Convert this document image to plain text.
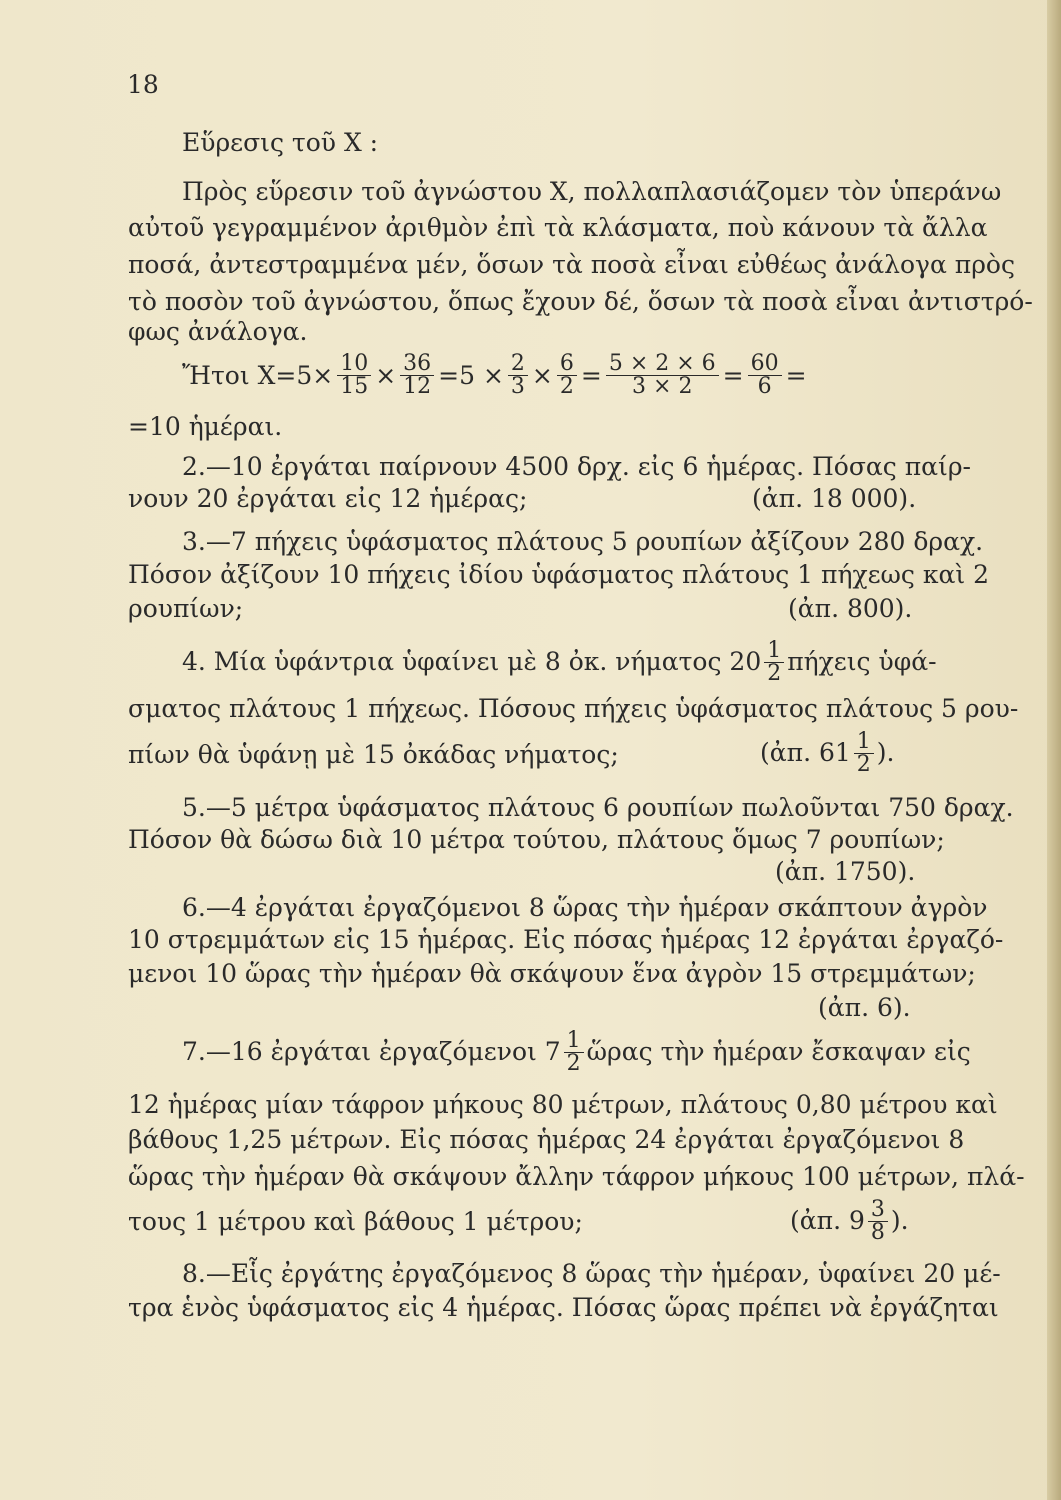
18
Εὕρεσις τοῦ Χ :
Πρὸς εὕρεσιν τοῦ ἀγνώστου Χ, πολλαπλασιάζομεν τὸν ὑπεράνω
αὐτοῦ γεγραμμένον ἀριθμὸν ἐπὶ τὰ κλάσματα, ποὺ κάνουν τὰ ἄλλα
ποσά, ἀντεστραμμένα μέν, ὅσων τὰ ποσὰ εἶναι εὐθέως ἀνάλογα πρὸς
τὸ ποσὸν τοῦ ἀγνώστου, ὅπως ἔχουν δέ, ὅσων τὰ ποσὰ εἶναι ἀντιστρό-
φως ἀνάλογα.
Ἤτοι $X=5\times \frac{10}{15} \times \frac{36}{12} =5 \times \frac{2}{3} \times \frac{6}{2} = \frac{5 \times 2 \times 6}{3 \times 2} = \frac{60}{6}$ =
=10 ἡμέραι.
2.—10 ἐργάται παίρνουν 4500 δρχ. εἰς 6 ἡμέρας. Πόσας παίρ-
νουν 20 ἐργάται εἰς 12 ἡμέρας;	(ἀπ. 18 000).
3.—7 πήχεις ὑφάσματος πλάτους 5 ρουπίων ἀξίζουν 280 δραχ.
Πόσον ἀξίζουν 10 πήχεις ἰδίου ὑφάσματος πλάτους 1 πήχεως καὶ 2
ρουπίων;	(ἀπ. 800).
4. Μία ὑφάντρια ὑφαίνει μὲ 8 ὀκ. νήματος $20 \frac{1}{2}$ πήχεις ὑφά-
σματος πλάτους 1 πήχεως. Πόσους πήχεις ὑφάσματος πλάτους 5 ρου-
πίων θὰ ὑφάνῃ μὲ 15 ὀκάδας νήματος;	(ἀπ. $61 \frac{1}{2}$ ).
5.—5 μέτρα ὑφάσματος πλάτους 6 ρουπίων πωλοῦνται 750 δραχ.
Πόσον θὰ δώσω διὰ 10 μέτρα τούτου, πλάτους ὅμως 7 ρουπίων;
(ἀπ. 1750).
6.—4 ἐργάται ἐργαζόμενοι 8 ὥρας τὴν ἡμέραν σκάπτουν ἀγρὸν
10 στρεμμάτων εἰς 15 ἡμέρας. Εἰς πόσας ἡμέρας 12 ἐργάται ἐργαζό-
μενοι 10 ὥρας τὴν ἡμέραν θὰ σκάψουν ἕνα ἀγρὸν 15 στρεμμάτων;
(ἀπ. 6).
7.—16 ἐργάται ἐργαζόμενοι $7 \frac{1}{2}$ ὥρας τὴν ἡμέραν ἔσκαψαν εἰς
12 ἡμέρας μίαν τάφρον μήκους 80 μέτρων, πλάτους 0,80 μέτρου καὶ
βάθους 1,25 μέτρων. Εἰς πόσας ἡμέρας 24 ἐργάται ἐργαζόμενοι 8
ὥρας τὴν ἡμέραν θὰ σκάψουν ἄλλην τάφρον μήκους 100 μέτρων, πλά-
τους 1 μέτρου καὶ βάθους 1 μέτρου;	(ἀπ. $9 \frac{3}{8}$ ).
8.—Εἷς ἐργάτης ἐργαζόμενος 8 ὥρας τὴν ἡμέραν, ὑφαίνει 20 μέ-
τρα ἑνὸς ὑφάσματος εἰς 4 ἡμέρας. Πόσας ὥρας πρέπει νὰ ἐργάζηται
